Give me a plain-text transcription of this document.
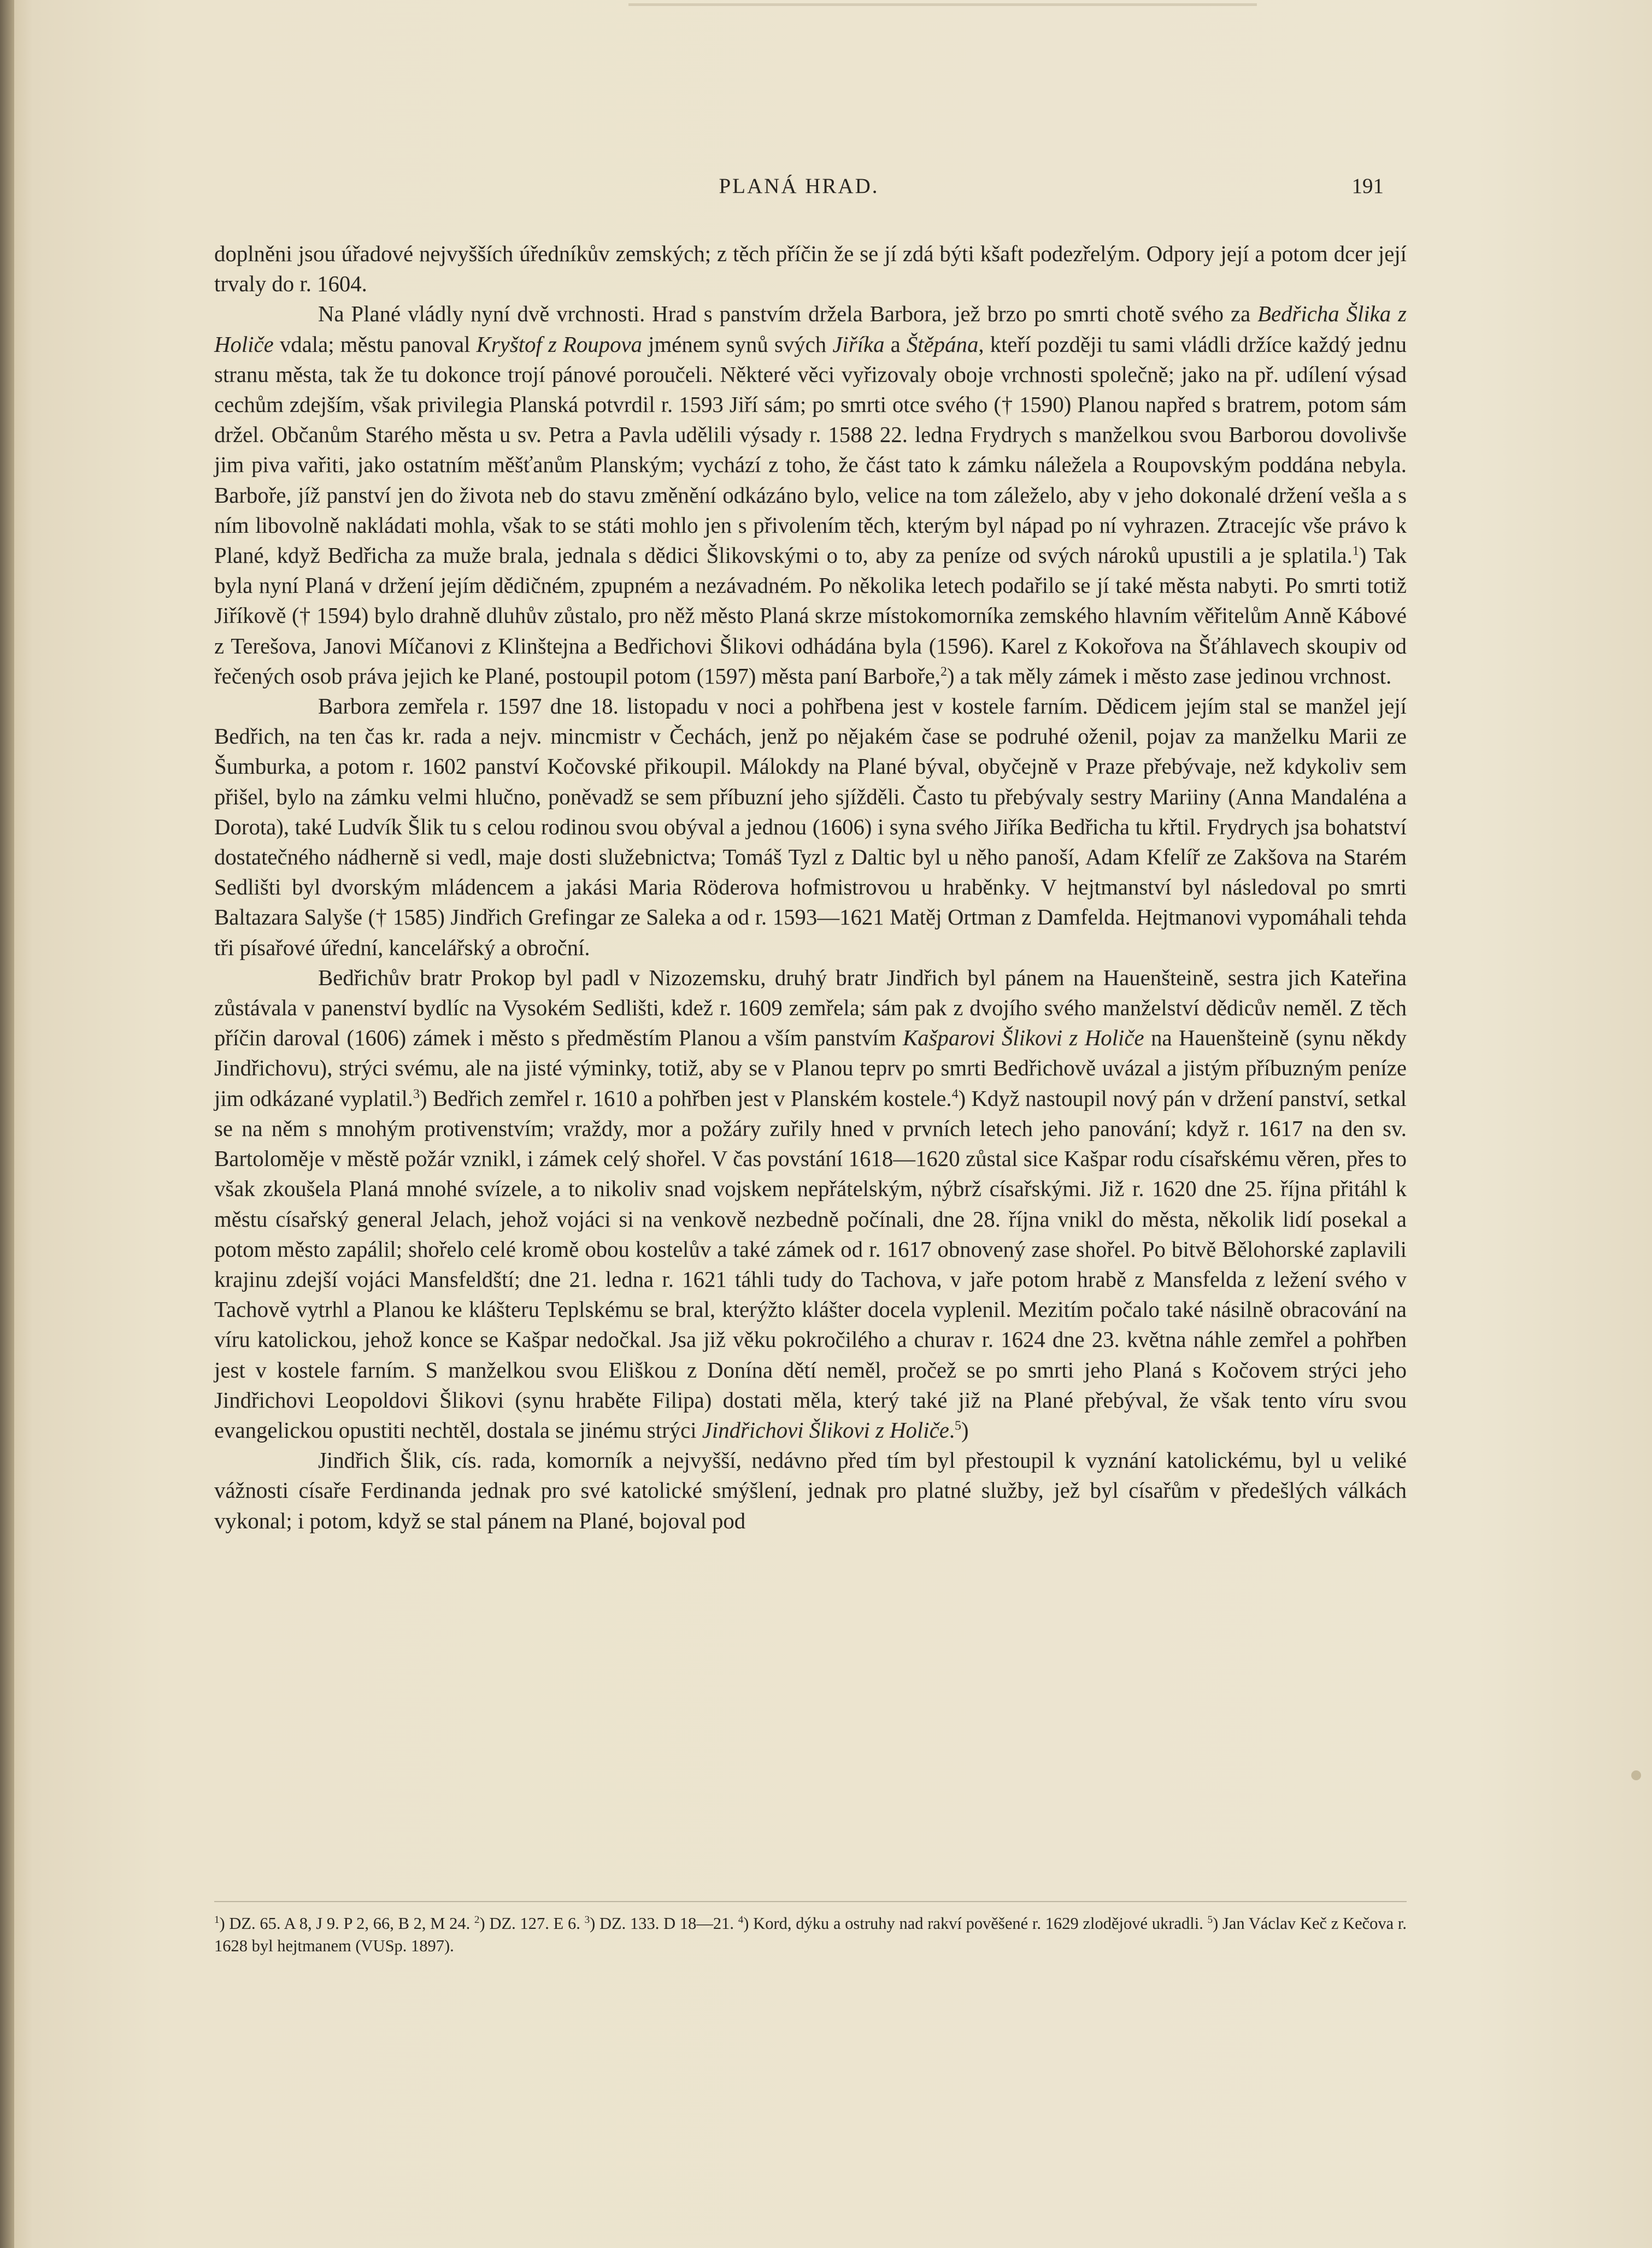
PLANÁ HRAD.	191

doplněni jsou úřadové nejvyšších úředníkův zemských; z těch příčin že se jí zdá býti kšaft podezřelým. Odpory její a potom dcer její trvaly do r. 1604.

Na Plané vládly nyní dvě vrchnosti. Hrad s panstvím držela Barbora, jež brzo po smrti chotě svého za Bedřicha Šlika z Holiče vdala; městu panoval Kryštof z Roupova jménem synů svých Jiříka a Štěpána, kteří později tu sami vládli držíce každý jednu stranu města, tak že tu dokonce trojí pánové poroučeli. Některé věci vyřizovaly oboje vrchnosti společně; jako na př. udílení výsad cechům zdejším, však privilegia Planská potvrdil r. 1593 Jiří sám; po smrti otce svého († 1590) Planou napřed s bratrem, potom sám držel. Občanům Starého města u sv. Petra a Pavla udělili výsady r. 1588 22. ledna Frydrych s manželkou svou Barborou dovolivše jim piva vařiti, jako ostatním měšťanům Planským; vychází z toho, že část tato k zámku náležela a Roupovským poddána nebyla. Barboře, jíž panství jen do života neb do stavu změnění odkázáno bylo, velice na tom záleželo, aby v jeho dokonalé držení vešla a s ním libovolně nakládati mohla, však to se státi mohlo jen s přivolením těch, kterým byl nápad po ní vyhrazen. Ztracejíc vše právo k Plané, když Bedřicha za muže brala, jednala s dědici Šlikovskými o to, aby za peníze od svých nároků upustili a je splatila.$^1$) Tak byla nyní Planá v držení jejím dědičném, zpupném a nezávadném. Po několika letech podařilo se jí také města nabyti. Po smrti totiž Jiříkově († 1594) bylo drahně dluhův zůstalo, pro něž město Planá skrze místokomorníka zemského hlavním věřitelům Anně Kábové z Terešova, Janovi Míčanovi z Klinštejna a Bedřichovi Šlikovi odhádána byla (1596). Karel z Kokořova na Šťáhlavech skoupiv od řečených osob práva jejich ke Plané, postoupil potom (1597) města paní Barboře,$^2$) a tak měly zámek i město zase jedinou vrchnost.

Barbora zemřela r. 1597 dne 18. listopadu v noci a pohřbena jest v kostele farním. Dědicem jejím stal se manžel její Bedřich, na ten čas kr. rada a nejv. mincmistr v Čechách, jenž po nějakém čase se podruhé oženil, pojav za manželku Marii ze Šumburka, a potom r. 1602 panství Kočovské přikoupil. Málokdy na Plané býval, obyčejně v Praze přebývaje, než kdykoliv sem přišel, bylo na zámku velmi hlučno, poněvadž se sem příbuzní jeho sjížděli. Často tu přebývaly sestry Mariiny (Anna Mandaléna a Dorota), také Ludvík Šlik tu s celou rodinou svou obýval a jednou (1606) i syna svého Jiříka Bedřicha tu křtil. Frydrych jsa bohatství dostatečného nádherně si vedl, maje dosti služebnictva; Tomáš Tyzl z Daltic byl u něho panoší, Adam Kfelíř ze Zakšova na Starém Sedlišti byl dvorským mládencem a jakási Maria Röderova hofmistrovou u hraběnky. V hejtmanství byl následoval po smrti Baltazara Salyše († 1585) Jindřich Grefingar ze Saleka a od r. 1593—1621 Matěj Ortman z Damfelda. Hejtmanovi vypomáhali tehda tři písařové úřední, kancelářský a obroční.

Bedřichův bratr Prokop byl padl v Nizozemsku, druhý bratr Jindřich byl pánem na Hauenšteině, sestra jich Kateřina zůstávala v panenství bydlíc na Vysokém Sedlišti, kdež r. 1609 zemřela; sám pak z dvojího svého manželství dědicův neměl. Z těch příčin daroval (1606) zámek i město s předměstím Planou a vším panstvím Kašparovi Šlikovi z Holiče na Hauenšteině (synu někdy Jindřichovu), strýci svému, ale na jisté výminky, totiž, aby se v Planou teprv po smrti Bedřichově uvázal a jistým příbuzným peníze jim odkázané vyplatil.$^3$) Bedřich zemřel r. 1610 a pohřben jest v Planském kostele.$^4$) Když nastoupil nový pán v držení panství, setkal se na něm s mnohým protivenstvím; vraždy, mor a požáry zuřily hned v prvních letech jeho panování; když r. 1617 na den sv. Bartoloměje v městě požár vznikl, i zámek celý shořel. V čas povstání 1618—1620 zůstal sice Kašpar rodu císařskému věren, přes to však zkoušela Planá mnohé svízele, a to nikoliv snad vojskem nepřátelským, nýbrž císařskými. Již r. 1620 dne 25. října přitáhl k městu císařský general Jelach, jehož vojáci si na venkově nezbedně počínali, dne 28. října vnikl do města, několik lidí posekal a potom město zapálil; shořelo celé kromě obou kostelův a také zámek od r. 1617 obnovený zase shořel. Po bitvě Bělohorské zaplavili krajinu zdejší vojáci Mansfeldští; dne 21. ledna r. 1621 táhli tudy do Tachova, v jaře potom hrabě z Mansfelda z ležení svého v Tachově vytrhl a Planou ke klášteru Teplskému se bral, kterýžto klášter docela vyplenil. Mezitím počalo také násilně obracování na víru katolickou, jehož konce se Kašpar nedočkal. Jsa již věku pokročilého a churav r. 1624 dne 23. května náhle zemřel a pohřben jest v kostele farním. S manželkou svou Eliškou z Donína dětí neměl, pročež se po smrti jeho Planá s Kočovem strýci jeho Jindřichovi Leopoldovi Šlikovi (synu hraběte Filipa) dostati měla, který také již na Plané přebýval, že však tento víru svou evangelickou opustiti nechtěl, dostala se jinému strýci Jindřichovi Šlikovi z Holiče.$^5$)

Jindřich Šlik, cís. rada, komorník a nejvyšší, nedávno před tím byl přestoupil k vyznání katolickému, byl u veliké vážnosti císaře Ferdinanda jednak pro své katolické smýšlení, jednak pro platné služby, jež byl císařům v předešlých válkách vykonal; i potom, když se stal pánem na Plané, bojoval pod

$^1$) DZ. 65. A 8, J 9. P 2, 66, B 2, M 24. $^2$) DZ. 127. E 6. $^3$) DZ. 133. D 18—21. $^4$) Kord, dýku a ostruhy nad rakví pověšené r. 1629 zlodějové ukradli. $^5$) Jan Václav Keč z Kečova r. 1628 byl hejtmanem (VUSp. 1897).
